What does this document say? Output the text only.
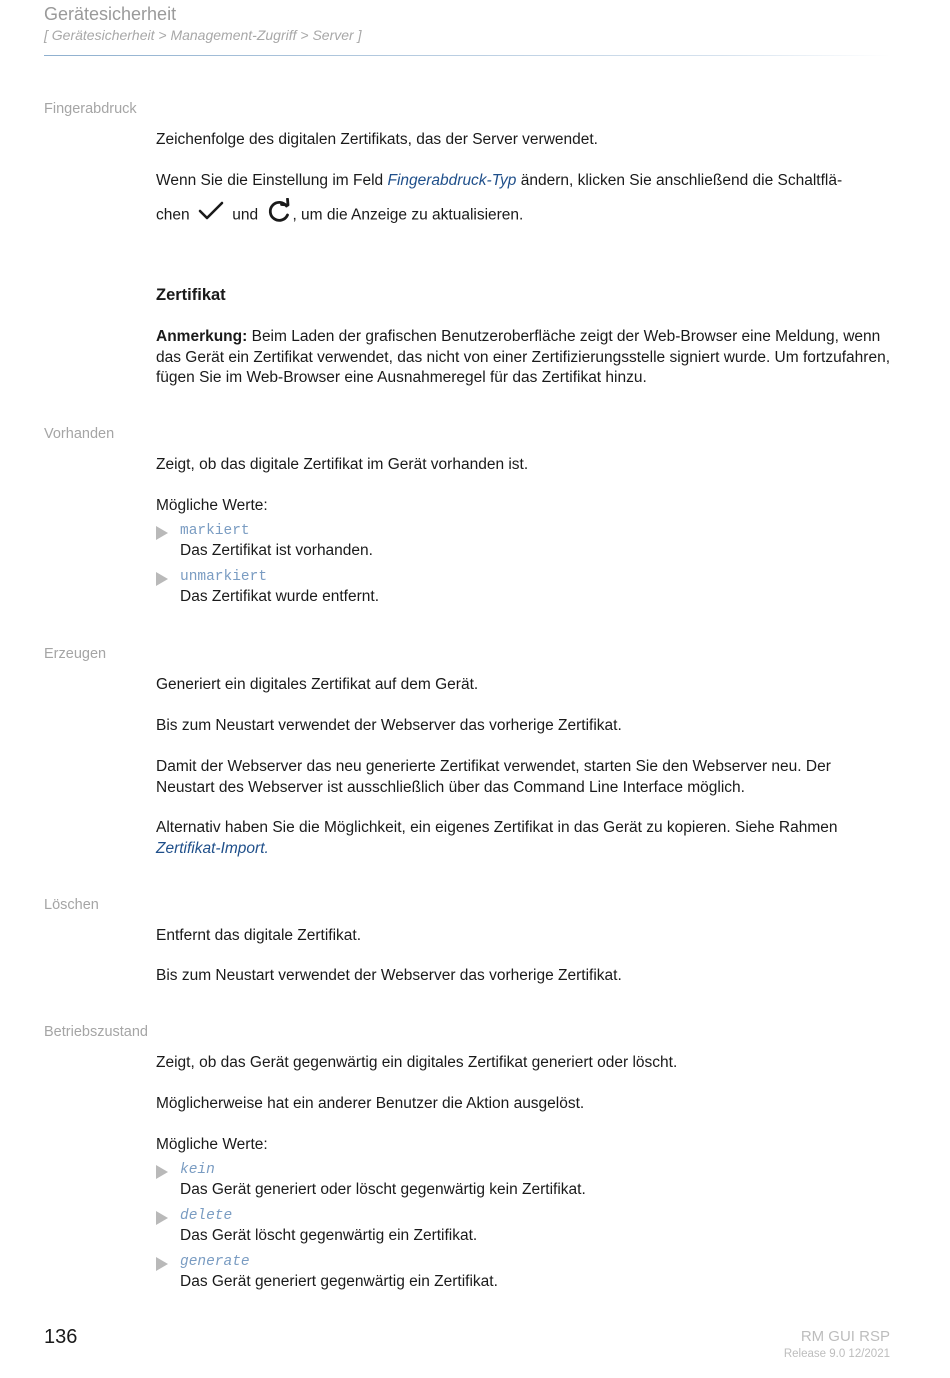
Gerätesicherheit
[ Gerätesicherheit > Management-Zugriff > Server ]
Fingerabdruck
Zeichenfolge des digitalen Zertifikats, das der Server verwendet.
Wenn Sie die Einstellung im Feld Fingerabdruck-Typ ändern, klicken Sie anschließend die Schaltflä-
chen	und , um die Anzeige zu aktualisieren.
Zertifikat
Anmerkung: Beim Laden der grafischen Benutzeroberfläche zeigt der Web-Browser eine Meldung, wenn das Gerät ein Zertifikat verwendet, das nicht von einer Zertifizierungsstelle signiert wurde. Um fortzufahren, fügen Sie im Web-Browser eine Ausnahmeregel für das Zertifikat hinzu.
Vorhanden
Zeigt, ob das digitale Zertifikat im Gerät vorhanden ist.
Mögliche Werte:
markiert
Das Zertifikat ist vorhanden.
unmarkiert
Das Zertifikat wurde entfernt.
Erzeugen
Generiert ein digitales Zertifikat auf dem Gerät.
Bis zum Neustart verwendet der Webserver das vorherige Zertifikat.
Damit der Webserver das neu generierte Zertifikat verwendet, starten Sie den Webserver neu. Der Neustart des Webserver ist ausschließlich über das Command Line Interface möglich.
Alternativ haben Sie die Möglichkeit, ein eigenes Zertifikat in das Gerät zu kopieren. Siehe Rahmen Zertifikat-Import.
Löschen
Entfernt das digitale Zertifikat.
Bis zum Neustart verwendet der Webserver das vorherige Zertifikat.
Betriebszustand
Zeigt, ob das Gerät gegenwärtig ein digitales Zertifikat generiert oder löscht.
Möglicherweise hat ein anderer Benutzer die Aktion ausgelöst.
Mögliche Werte:
kein
Das Gerät generiert oder löscht gegenwärtig kein Zertifikat.
delete
Das Gerät löscht gegenwärtig ein Zertifikat.
generate
Das Gerät generiert gegenwärtig ein Zertifikat.
136	RM GUI RSP
Release 9.0 12/2021
